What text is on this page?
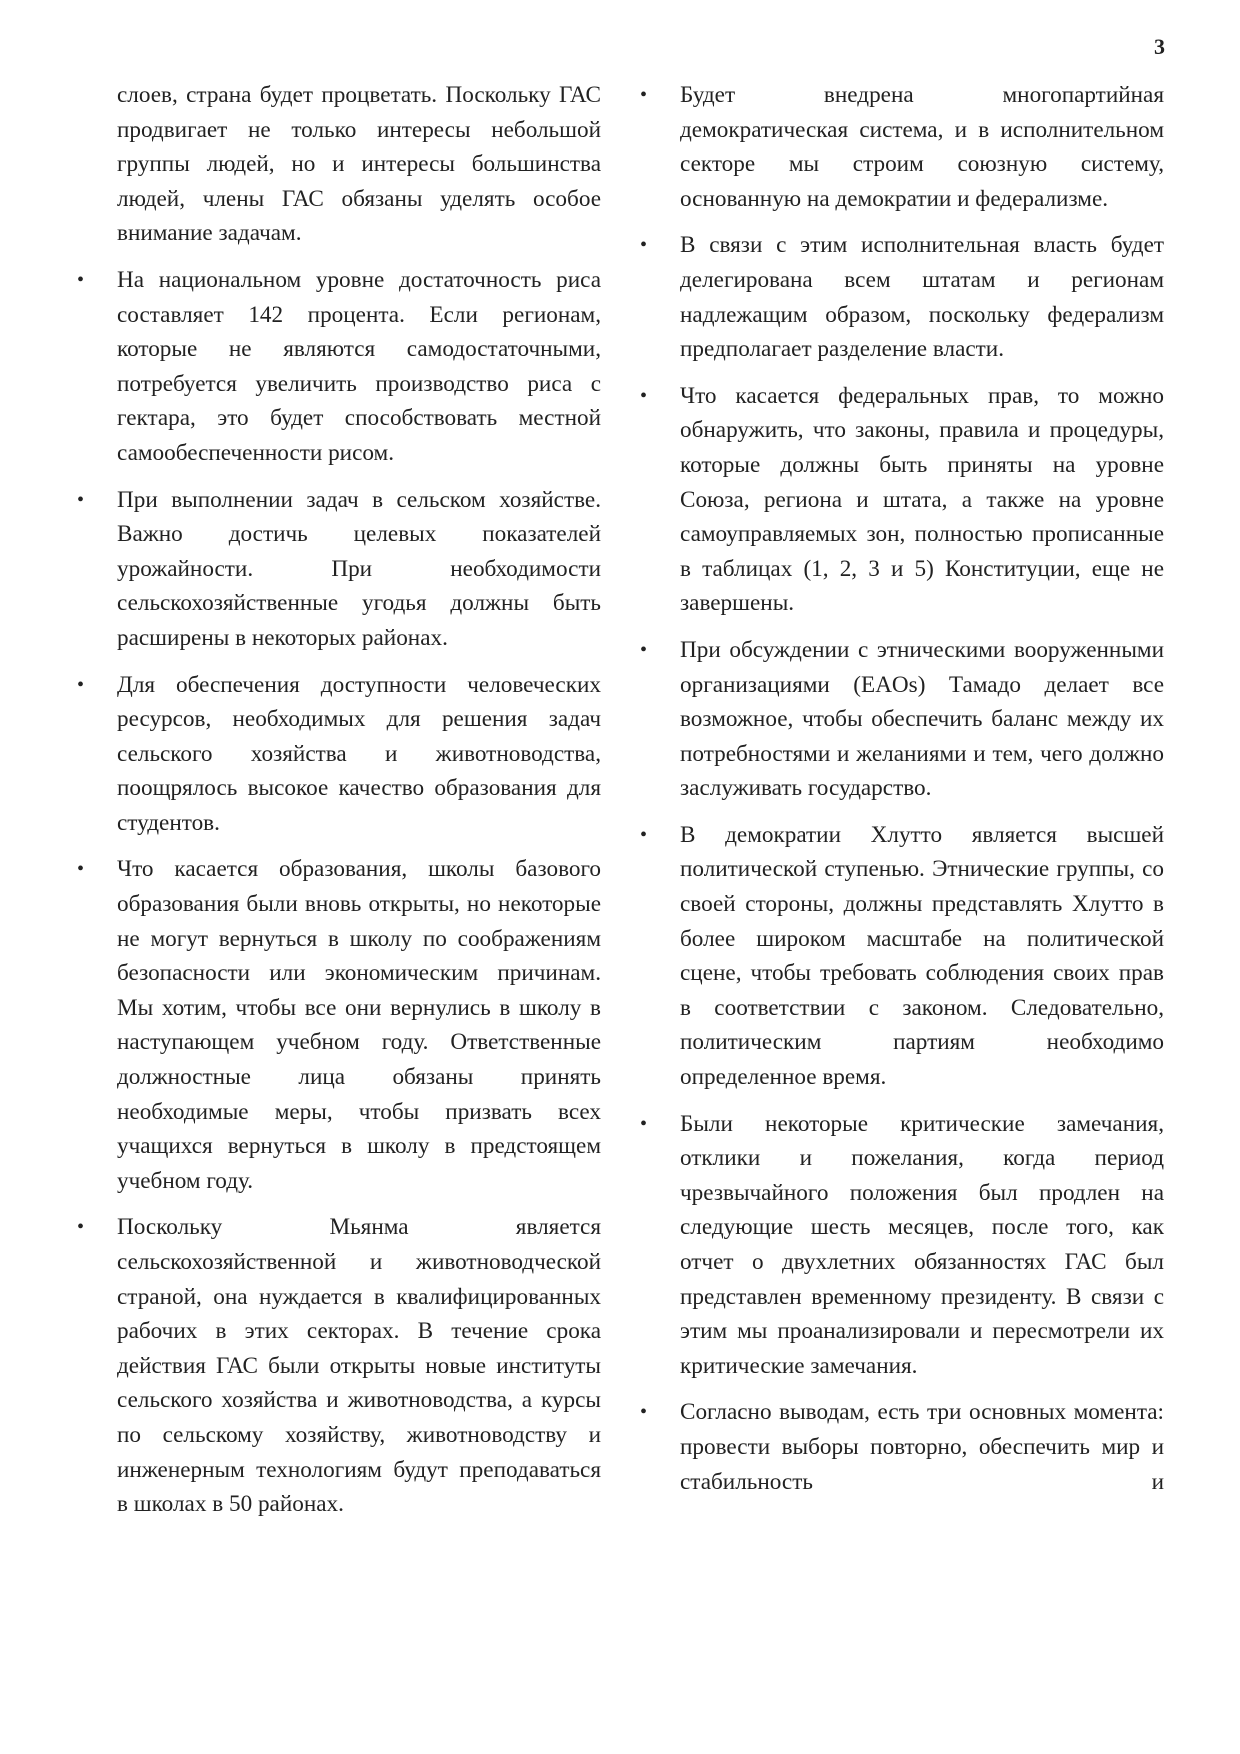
3

слоев, страна будет процветать. Поскольку ГАС продвигает не только интересы небольшой группы людей, но и интересы большинства людей, члены ГАС обязаны уделять особое внимание задачам.

• На национальном уровне достаточность риса составляет 142 процента. Если регионам, которые не являются самодостаточными, потребуется увеличить производство риса с гектара, это будет способствовать местной самообеспеченности рисом.

• При выполнении задач в сельском хозяйстве. Важно достичь целевых показателей урожайности. При необходимости сельскохозяйственные угодья должны быть расширены в некоторых районах.

• Для обеспечения доступности человеческих ресурсов, необходимых для решения задач сельского хозяйства и животноводства, поощрялось высокое качество образования для студентов.

• Что касается образования, школы базового образования были вновь открыты, но некоторые не могут вернуться в школу по соображениям безопасности или экономическим причинам. Мы хотим, чтобы все они вернулись в школу в наступающем учебном году. Ответственные должностные лица обязаны принять необходимые меры, чтобы призвать всех учащихся вернуться в школу в предстоящем учебном году.

• Поскольку Мьянма является сельскохозяйственной и животноводческой страной, она нуждается в квалифицированных рабочих в этих секторах. В течение срока действия ГАС были открыты новые институты сельского хозяйства и животноводства, а курсы по сельскому хозяйству, животноводству и инженерным технологиям будут преподаваться в школах в 50 районах.

• Будет внедрена многопартийная демократическая система, и в исполнительном секторе мы строим союзную систему, основанную на демократии и федерализме.

• В связи с этим исполнительная власть будет делегирована всем штатам и регионам надлежащим образом, поскольку федерализм предполагает разделение власти.

• Что касается федеральных прав, то можно обнаружить, что законы, правила и процедуры, которые должны быть приняты на уровне Союза, региона и штата, а также на уровне самоуправляемых зон, полностью прописанные в таблицах (1, 2, 3 и 5) Конституции, еще не завершены.

• При обсуждении с этническими вооруженными организациями (EAOs) Тамадо делает все возможное, чтобы обеспечить баланс между их потребностями и желаниями и тем, чего должно заслуживать государство.

• В демократии Хлутто является высшей политической ступенью. Этнические группы, со своей стороны, должны представлять Хлутто в более широком масштабе на политической сцене, чтобы требовать соблюдения своих прав в соответствии с законом. Следовательно, политическим партиям необходимо определенное время.

• Были некоторые критические замечания, отклики и пожелания, когда период чрезвычайного положения был продлен на следующие шесть месяцев, после того, как отчет о двухлетних обязанностях ГАС был представлен временному президенту. В связи с этим мы проанализировали и пересмотрели их критические замечания.

• Согласно выводам, есть три основных момента: провести выборы повторно, обеспечить мир и стабильность и
